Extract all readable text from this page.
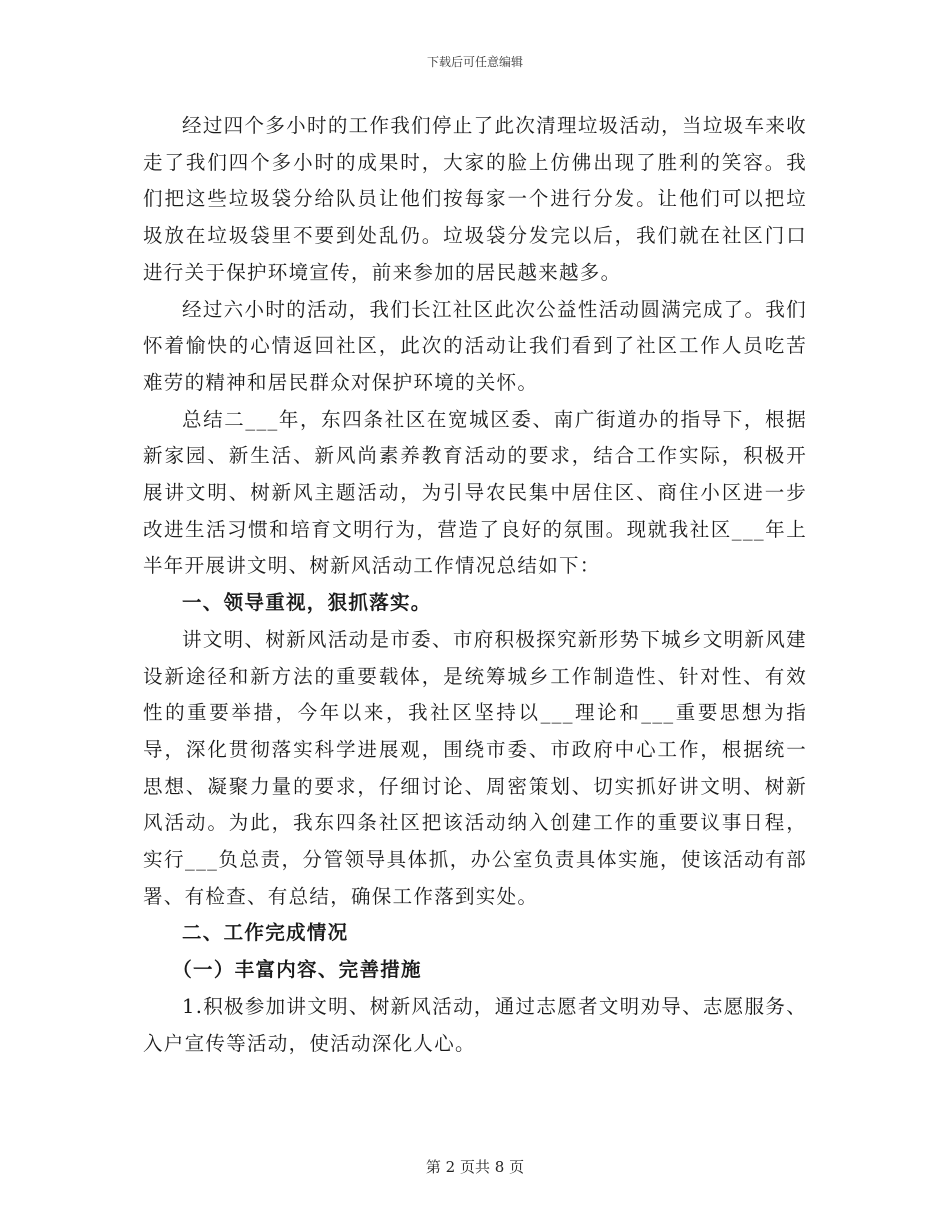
下载后可任意编辑

经过四个多小时的工作我们停止了此次清理垃圾活动，当垃圾车来收走了我们四个多小时的成果时，大家的脸上仿佛出现了胜利的笑容。我们把这些垃圾袋分给队员让他们按每家一个进行分发。让他们可以把垃圾放在垃圾袋里不要到处乱仍。垃圾袋分发完以后，我们就在社区门口进行关于保护环境宣传，前来参加的居民越来越多。

经过六小时的活动，我们长江社区此次公益性活动圆满完成了。我们怀着愉快的心情返回社区，此次的活动让我们看到了社区工作人员吃苦难劳的精神和居民群众对保护环境的关怀。

总结二___年，东四条社区在宽城区委、南广街道办的指导下，根据新家园、新生活、新风尚素养教育活动的要求，结合工作实际，积极开展讲文明、树新风主题活动，为引导农民集中居住区、商住小区进一步改进生活习惯和培育文明行为，营造了良好的氛围。现就我社区___年上半年开展讲文明、树新风活动工作情况总结如下：

一、领导重视，狠抓落实。

讲文明、树新风活动是市委、市府积极探究新形势下城乡文明新风建设新途径和新方法的重要载体，是统筹城乡工作制造性、针对性、有效性的重要举措，今年以来，我社区坚持以___理论和___重要思想为指导，深化贯彻落实科学进展观，围绕市委、市政府中心工作，根据统一思想、凝聚力量的要求，仔细讨论、周密策划、切实抓好讲文明、树新风活动。为此，我东四条社区把该活动纳入创建工作的重要议事日程，实行___负总责，分管领导具体抓，办公室负责具体实施，使该活动有部署、有检查、有总结，确保工作落到实处。

二、工作完成情况

（一）丰富内容、完善措施

1.积极参加讲文明、树新风活动，通过志愿者文明劝导、志愿服务、入户宣传等活动，使活动深化人心。

第 2 页共 8 页
